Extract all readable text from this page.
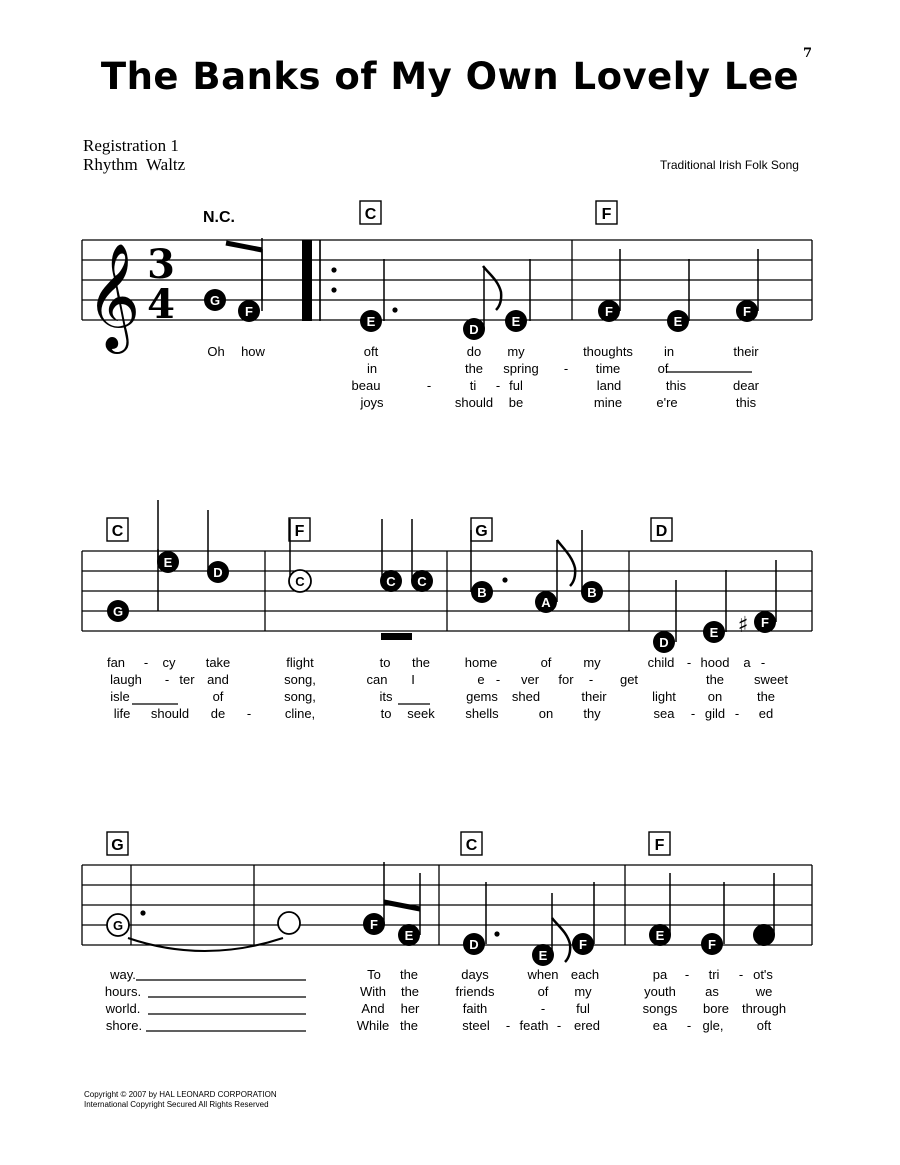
The Banks of My Own Lovely Lee
7
Registration 1
Rhythm  Waltz	Traditional Irish Folk Song
C	F
C	F	G	D
G	C	F
G
F
E
D
E
F
E
F
G
E
D
C	C C
B
A
B
D
E
F
G	F
E
D
E
F
E
F
𝄞 3
4
N.C.
♯
Oh how	oft	do my	thoughts in	their
in	the spring - time	of
beau	-	ti - ful	land	this	dear
joys	should be	mine	e're	this
fan - cy take	flight	to the	home	of my	child - hood a -
laugh - ter and	song,	can I	e - ver for - get	the sweet
isle	of	song,	its	gems shed	their	light on	the
life should de -	cline,	to seek shells	on thy	sea - gild - ed
way.	To the	days	when each	pa - tri - ot's
hours.	With the	friends	of my	youth as	we
world.	And her	faith	- ful	songs bore through
shore.	While the	steel - feath - ered	ea - gle,	oft
Copyright © 2007 by HAL LEONARD CORPORATION
International Copyright Secured All Rights Reserved
